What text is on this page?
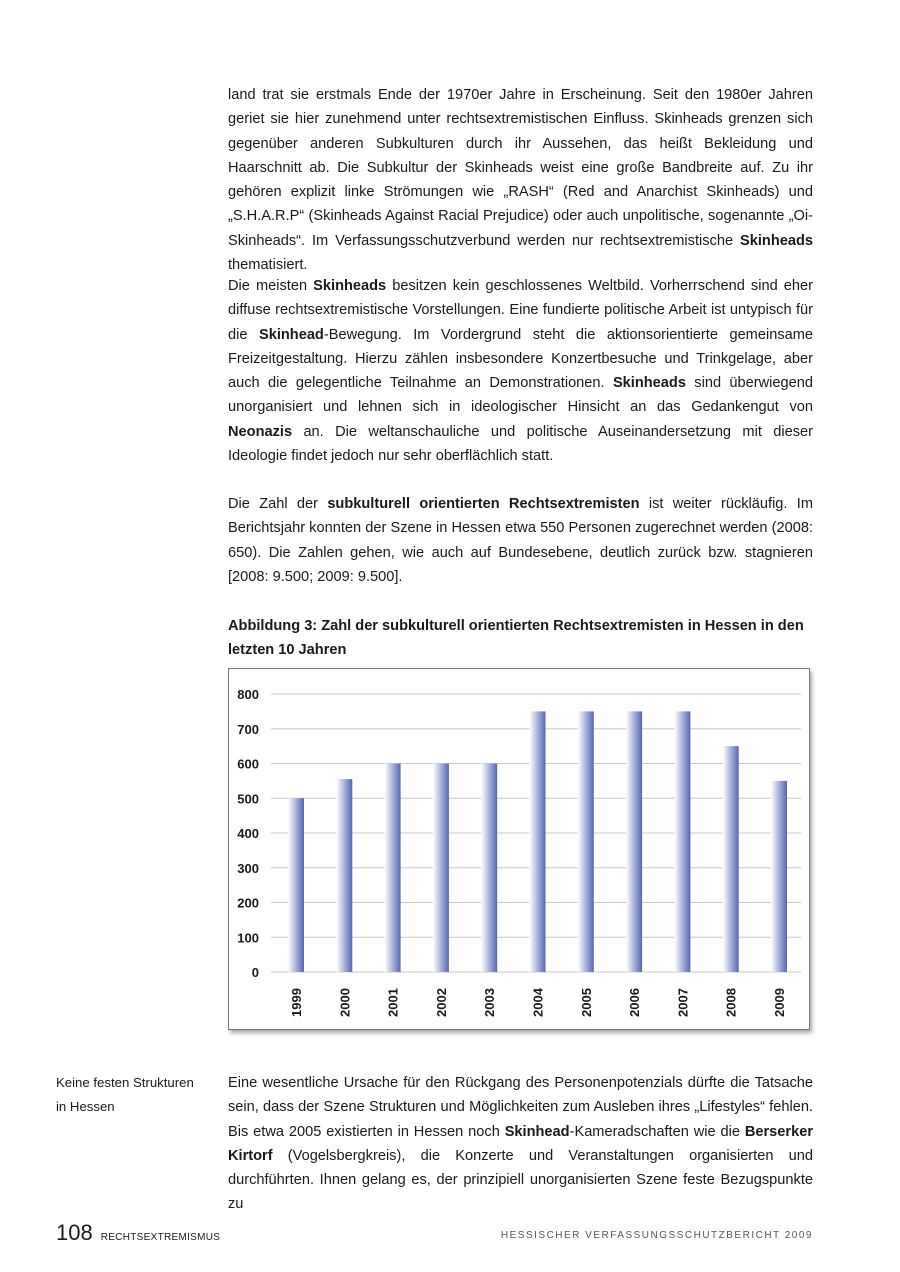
land trat sie erstmals Ende der 1970er Jahre in Erscheinung. Seit den 1980er Jahren geriet sie hier zunehmend unter rechtsextremistischen Einfluss. Skinheads grenzen sich gegenüber anderen Subkulturen durch ihr Aussehen, das heißt Bekleidung und Haarschnitt ab. Die Subkultur der Skinheads weist eine große Bandbreite auf. Zu ihr gehören explizit linke Strömungen wie „RASH“ (Red and Anarchist Skinheads) und „S.H.A.R.P“ (Skinheads Against Racial Prejudice) oder auch unpolitische, sogenannte „Oi-Skinheads“. Im Verfassungsschutzverbund werden nur rechtsextremistische Skinheads thematisiert.

Die meisten Skinheads besitzen kein geschlossenes Weltbild. Vorherrschend sind eher diffuse rechtsextremistische Vorstellungen. Eine fundierte politische Arbeit ist untypisch für die Skinhead-Bewegung. Im Vordergrund steht die aktionsorientierte gemeinsame Freizeitgestaltung. Hierzu zählen insbesondere Konzertbesuche und Trinkgelage, aber auch die gelegentliche Teilnahme an Demonstrationen. Skinheads sind überwiegend unorganisiert und lehnen sich in ideologischer Hinsicht an das Gedankengut von Neonazis an. Die weltanschauliche und politische Auseinandersetzung mit dieser Ideologie findet jedoch nur sehr oberflächlich statt.

Die Zahl der subkulturell orientierten Rechtsextremisten ist weiter rückläufig. Im Berichtsjahr konnten der Szene in Hessen etwa 550 Personen zugerechnet werden (2008: 650). Die Zahlen gehen, wie auch auf Bundesebene, deutlich zurück bzw. stagnieren [2008: 9.500; 2009: 9.500].

Abbildung 3: Zahl der subkulturell orientierten Rechtsextremisten in Hessen in den letzten 10 Jahren
0
100
200
300
400
500
600
700
800
1999	2000	2001	2002	2003	2004	2005	2006	2007	2008	2009

Eine wesentliche Ursache für den Rückgang des Personenpotenzials dürfte die Tatsache sein, dass der Szene Strukturen und Möglichkeiten zum Ausleben ihres „Lifestyles“ fehlen. Bis etwa 2005 existierten in Hessen noch Skinhead-Kameradschaften wie die Berserker Kirtorf (Vogelsbergkreis), die Konzerte und Veranstaltungen organisierten und durchführten. Ihnen gelang es, der prinzipiell unorganisierten Szene feste Bezugspunkte zu

Keine festen Strukturen
in Hessen
108 RECHTSEXTREMISMUS	HESSISCHER VERFASSUNGSSCHUTZBERICHT 2009
